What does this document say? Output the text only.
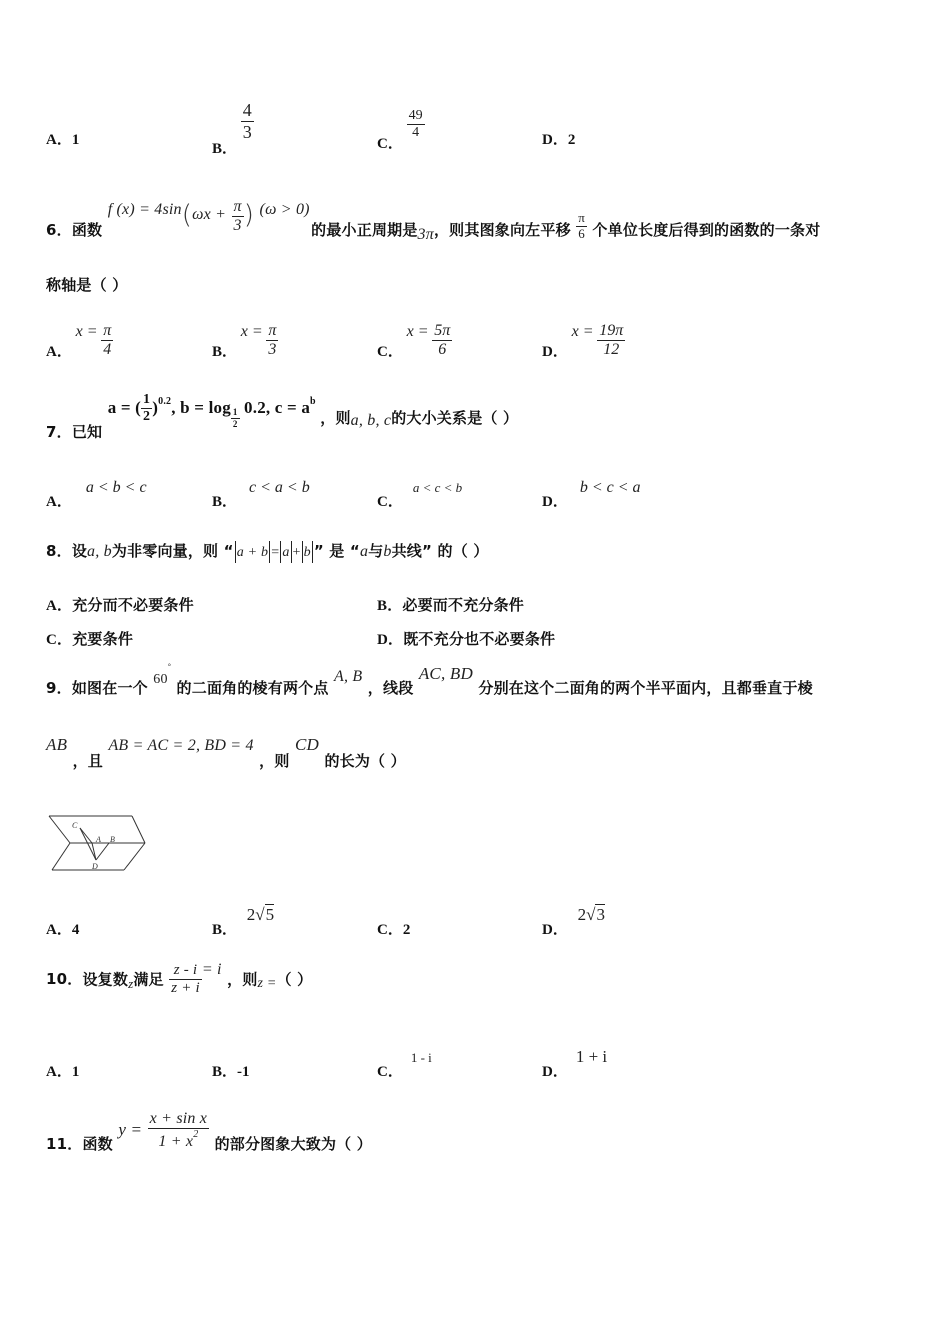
A．1
B．
$\frac{4}{3}$
C．
$\frac{49}{4}$	D．2
6．函数 f $(x) = 4\sin(\omega x + \frac{\pi}{3}$ ) (ω > 0) 的最小正周期是3π，则其图象向左平移 $\frac{\pi}{6}$ 个单位长度后得到的函数的一条对
称轴是（ ）
A． $x = \frac{\pi}{4}$	B． $x = \frac{\pi}{3}$	C． $x = \frac{5\pi}{6}$	D． $x = \frac{19\pi}{12}$
7．已知 a = ( $\frac{1}{2} )^{0.2}$, b = log
$\frac{1}{2}$
0.2, $c = a^b$ ，则a, b, c的大小关系是（ ）
A．a < b < c
B．c < a < b
C．a < c < b
D．b < c < a
8．设a, b为非零向量，则 “ a + b = a + b ” 是 “a与b共线” 的（ ）
A．充分而不必要条件	B．必要而不充分条件
C．充要条件	D．既不充分也不必要条件
9．如图在一个 60° 的二面角的棱有两个点 A, B ，线段 AC, BD 分别在这个二面角的两个半平面内，且都垂直于棱
AB ，且 AB = AC = 2, BD = 4 ，则 CD 的长为（ ）
C
A B
D
A．4	B． 2√5
C．2	D． 2√3
10．设复数z满足 $\frac{z - i}{z + i} = i$ ，则z =（ ）
A．1	B．-1	C．1 - i
D．1 + i
11．函数 $y = \frac{\text{x + sin x}}{1 + x^2}$ 的部分图象大致为（ ）
